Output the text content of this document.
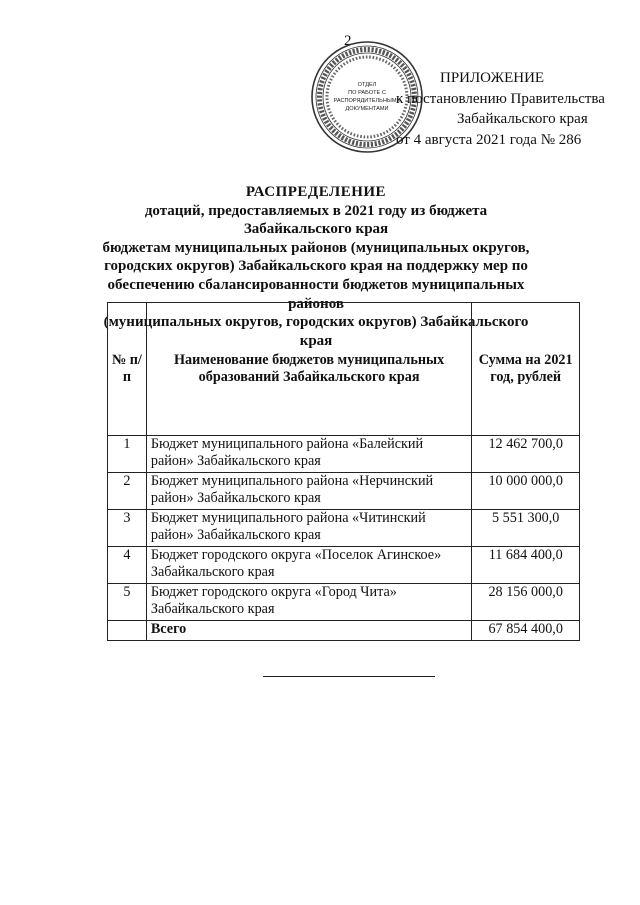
2
ОТДЕЛ
ПО РАБОТЕ С
РАСПОРЯДИТЕЛЬНЫМИ
ДОКУМЕНТАМИ
ПРИЛОЖЕНИЕ
к постановлению Правительства
Забайкальского края
от 4 августа 2021 года № 286
РАСПРЕДЕЛЕНИЕ
дотаций, предоставляемых в 2021 году из бюджета Забайкальского края
бюджетам муниципальных районов (муниципальных округов,
городских округов) Забайкальского края на поддержку мер по
обеспечению сбалансированности бюджетов муниципальных районов
(муниципальных округов, городских округов) Забайкальского края
№ п/п	Наименование бюджетов муниципальных образований Забайкальского края	Сумма на 2021 год, рублей
1	Бюджет муниципального района «Балейский район» Забайкальского края	12 462 700,0
2	Бюджет муниципального района «Нерчинский район» Забайкальского края	10 000 000,0
3	Бюджет муниципального района «Читинский район» Забайкальского края	5 551 300,0
4	Бюджет городского округа «Поселок Агинское» Забайкальского края	11 684 400,0
5	Бюджет городского округа «Город Чита» Забайкальского края	28 156 000,0
	Всего	67 854 400,0
